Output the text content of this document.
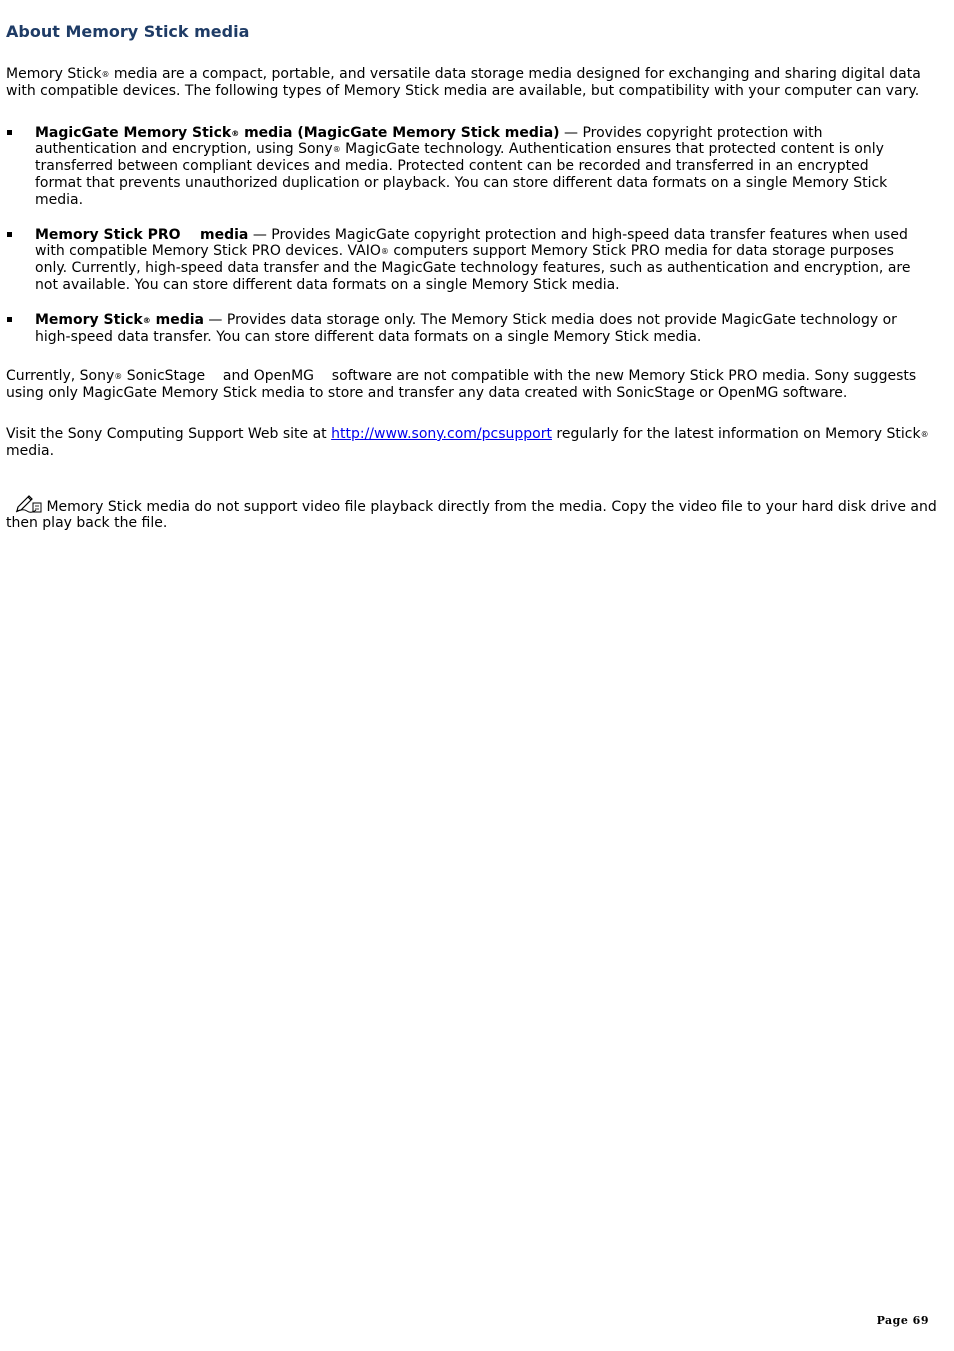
About Memory Stick media

Memory Stick® media are a compact, portable, and versatile data storage media designed for exchanging and sharing digital data with compatible devices. The following types of Memory Stick media are available, but compatibility with your computer can vary.

MagicGate Memory Stick® media (MagicGate Memory Stick media) — Provides copyright protection with authentication and encryption, using Sony® MagicGate technology. Authentication ensures that protected content is only transferred between compliant devices and media. Protected content can be recorded and transferred in an encrypted format that prevents unauthorized duplication or playback. You can store different data formats on a single Memory Stick media.
Memory Stick PRO    media — Provides MagicGate copyright protection and high-speed data transfer features when used with compatible Memory Stick PRO devices. VAIO® computers support Memory Stick PRO media for data storage purposes only. Currently, high-speed data transfer and the MagicGate technology features, such as authentication and encryption, are not available. You can store different data formats on a single Memory Stick media.
Memory Stick® media — Provides data storage only. The Memory Stick media does not provide MagicGate technology or high-speed data transfer. You can store different data formats on a single Memory Stick media.

Currently, Sony® SonicStage    and OpenMG    software are not compatible with the new Memory Stick PRO media. Sony suggests using only MagicGate Memory Stick media to store and transfer any data created with SonicStage or OpenMG software.

Visit the Sony Computing Support Web site at http://www.sony.com/pcsupport regularly for the latest information on Memory Stick® media.

Memory Stick media do not support video file playback directly from the media. Copy the video file to your hard disk drive and then play back the file.

Page 69
